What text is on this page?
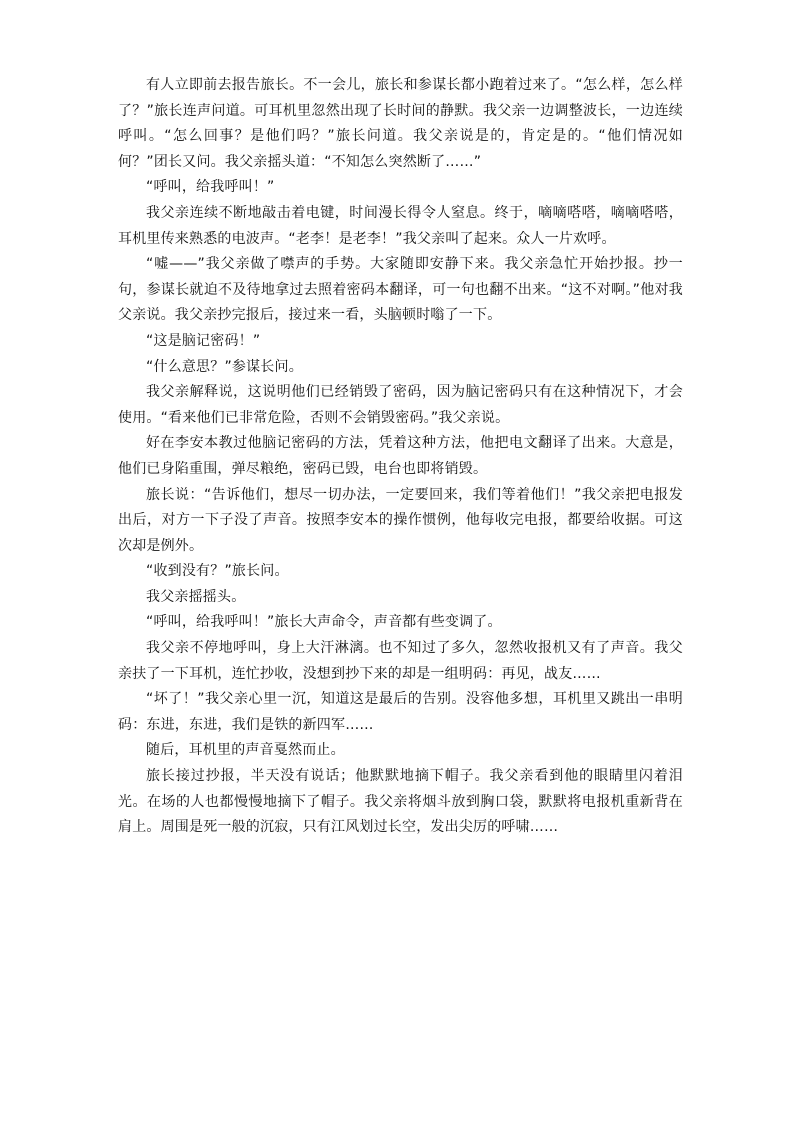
有人立即前去报告旅长。不一会儿，旅长和参谋长都小跑着过来了。“怎么样，怎么样了？”旅长连声问道。可耳机里忽然出现了长时间的静默。我父亲一边调整波长，一边连续呼叫。“怎么回事？是他们吗？”旅长问道。我父亲说是的，肯定是的。“他们情况如何？”团长又问。我父亲摇头道：“不知怎么突然断了……”

“呼叫，给我呼叫！”

我父亲连续不断地敲击着电键，时间漫长得令人窒息。终于，嘀嘀嗒嗒，嘀嘀嗒嗒，耳机里传来熟悉的电波声。“老李！是老李！”我父亲叫了起来。众人一片欢呼。

“嘘——”我父亲做了噤声的手势。大家随即安静下来。我父亲急忙开始抄报。抄一句，参谋长就迫不及待地拿过去照着密码本翻译，可一句也翻不出来。“这不对啊。”他对我父亲说。我父亲抄完报后，接过来一看，头脑顿时嗡了一下。

“这是脑记密码！”

“什么意思？”参谋长问。

我父亲解释说，这说明他们已经销毁了密码，因为脑记密码只有在这种情况下，才会使用。“看来他们已非常危险，否则不会销毁密码。”我父亲说。

好在李安本教过他脑记密码的方法，凭着这种方法，他把电文翻译了出来。大意是，他们已身陷重围，弹尽粮绝，密码已毁，电台也即将销毁。

旅长说：“告诉他们，想尽一切办法，一定要回来，我们等着他们！”我父亲把电报发出后，对方一下子没了声音。按照李安本的操作惯例，他每收完电报，都要给收据。可这次却是例外。

“收到没有？”旅长问。

我父亲摇摇头。

“呼叫，给我呼叫！”旅长大声命令，声音都有些变调了。

我父亲不停地呼叫，身上大汗淋漓。也不知过了多久，忽然收报机又有了声音。我父亲扶了一下耳机，连忙抄收，没想到抄下来的却是一组明码：再见，战友……

“坏了！”我父亲心里一沉，知道这是最后的告别。没容他多想，耳机里又跳出一串明码：东进，东进，我们是铁的新四军……

随后，耳机里的声音戛然而止。

旅长接过抄报，半天没有说话；他默默地摘下帽子。我父亲看到他的眼睛里闪着泪光。在场的人也都慢慢地摘下了帽子。我父亲将烟斗放到胸口袋，默默将电报机重新背在肩上。周围是死一般的沉寂，只有江风划过长空，发出尖厉的呼啸……
